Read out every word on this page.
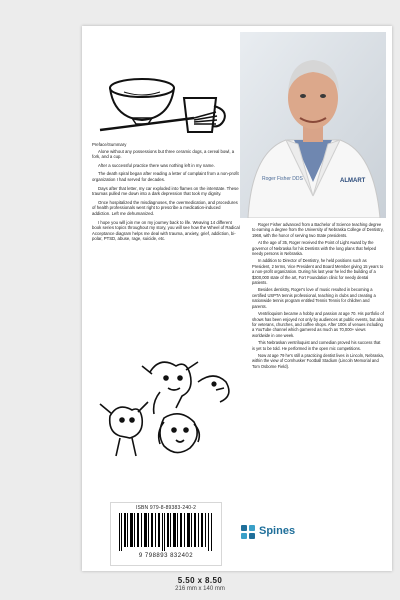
Preface/Summary

Alone without any possessions but three ceramic dogs, a cereal bowl, a fork, and a cup.

After a successful practice there was nothing left in my name.

The death spiral began after reading a letter of complaint from a non-profit organization I had served for decades.

Days after that letter, my car exploded into flames on the interstate. These traumas pulled me down into a dark depression that took my dignity.

Once hospitalized the misdiagnoses, the overmedication, and procedures of health professionals went right to prescribe a medication-induced addiction. Left me dehumanized.

I hope you will join me on my journey back to life. Weaving 14 different book series topics throughout my story, you will see how the Wheel of Radical Acceptance diagram helps me deal with trauma, anxiety, grief, addiction, bi-polar, PTSD, abuse, rage, suicide, etc.

Roger Fisher DDS	ALMART

Roger Fisher advanced from a Bachelor of Science teaching degree to earning a degree from the University of Nebraska College of Dentistry, 1968, with the honor of serving two State presidents.

At the age of 35, Roger received the Point of Light Award by the governor of Nebraska for his Dentists with the long plans that helped needy persons in Nebraska.

In addition to Director of Dentistry, he held positions such as President, 2 terms, Vice President and Board Member giving 15 years to a non-profit organization. During his last year he led the building of a $300,000 state of the art, Fort Foundation clinic for needy dental patients.

Besides dentistry, Roger's love of music resulted in becoming a certified USPTA tennis professional, teaching in clubs and creating a nationwide tennis program entitled Tennis Tennis for children and parents.

Ventriloquism became a hobby and passion at age 70. His portfolio of shows has been enjoyed not only by audiences at public events, but also for veterans, churches, and coffee shops. After 100s of venues including a YouTube channel which garnered as much as 70,000+ views worldwide in one week.

This Nebraskan ventriloquist and comedian proved his success that is yet to be told. He performed in the open mic competitions.

Now at age 79 he's still a practicing dentist lives in Lincoln, Nebraska, within the view of Cornhusker Football Stadium (Lincoln Memorial and Tom Osborne Field).

ISBN 979-8-89383-240-2
9 798893 832402
Spines
5.50 x 8.50
216 mm x 140 mm
